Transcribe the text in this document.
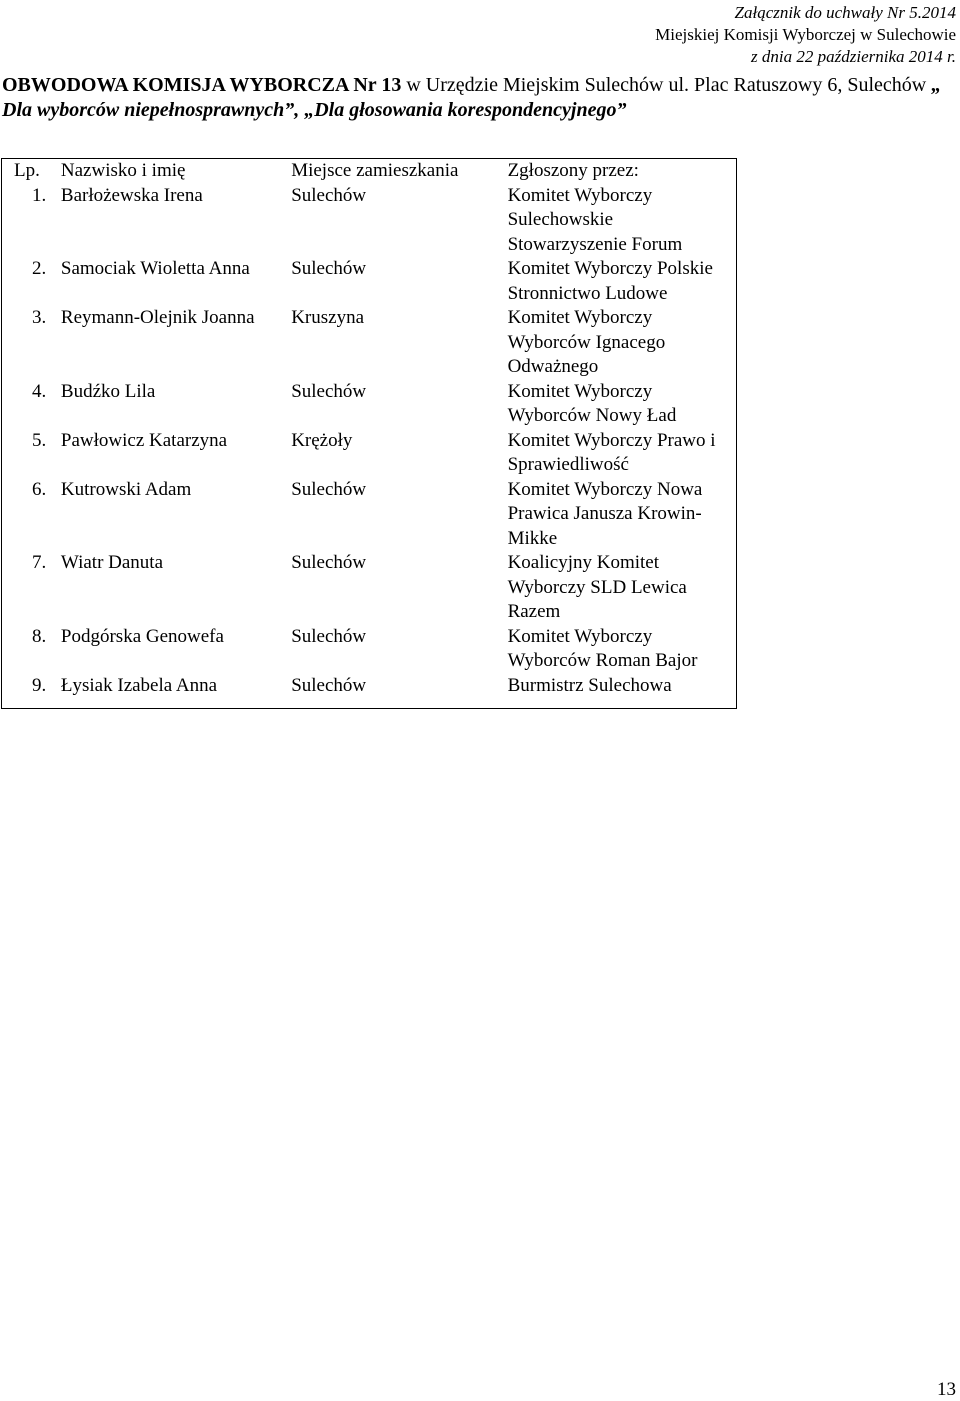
Załącznik do uchwały Nr 5.2014
Miejskiej Komisji Wyborczej w Sulechowie
z dnia 22 października 2014 r.
OBWODOWA KOMISJA WYBORCZA Nr 13 w Urzędzie Miejskim Sulechów ul. Plac Ratuszowy 6, Sulechów „ Dla wyborców niepełnosprawnych”, „Dla głosowania korespondencyjnego”
Lp.	Nazwisko i imię	Miejsce zamieszkania	Zgłoszony przez:

1.	Barłożewska Irena	Sulechów	Komitet Wyborczy Sulechowskie Stowarzyszenie Forum

2.	Samociak Wioletta Anna	Sulechów	Komitet Wyborczy Polskie Stronnictwo Ludowe

3.	Reymann-Olejnik Joanna	Kruszyna	Komitet Wyborczy Wyborców Ignacego Odważnego

4.	Budźko Lila	Sulechów	Komitet Wyborczy Wyborców Nowy Ład

5.	Pawłowicz Katarzyna	Krężoły	Komitet Wyborczy Prawo i Sprawiedliwość

6.	Kutrowski Adam	Sulechów	Komitet Wyborczy Nowa Prawica Janusza Krowin-Mikke

7.	Wiatr Danuta	Sulechów	Koalicyjny Komitet Wyborczy SLD Lewica Razem

8.	Podgórska Genowefa	Sulechów	Komitet Wyborczy Wyborców Roman Bajor

9.	Łysiak Izabela Anna	Sulechów	Burmistrz Sulechowa
13
